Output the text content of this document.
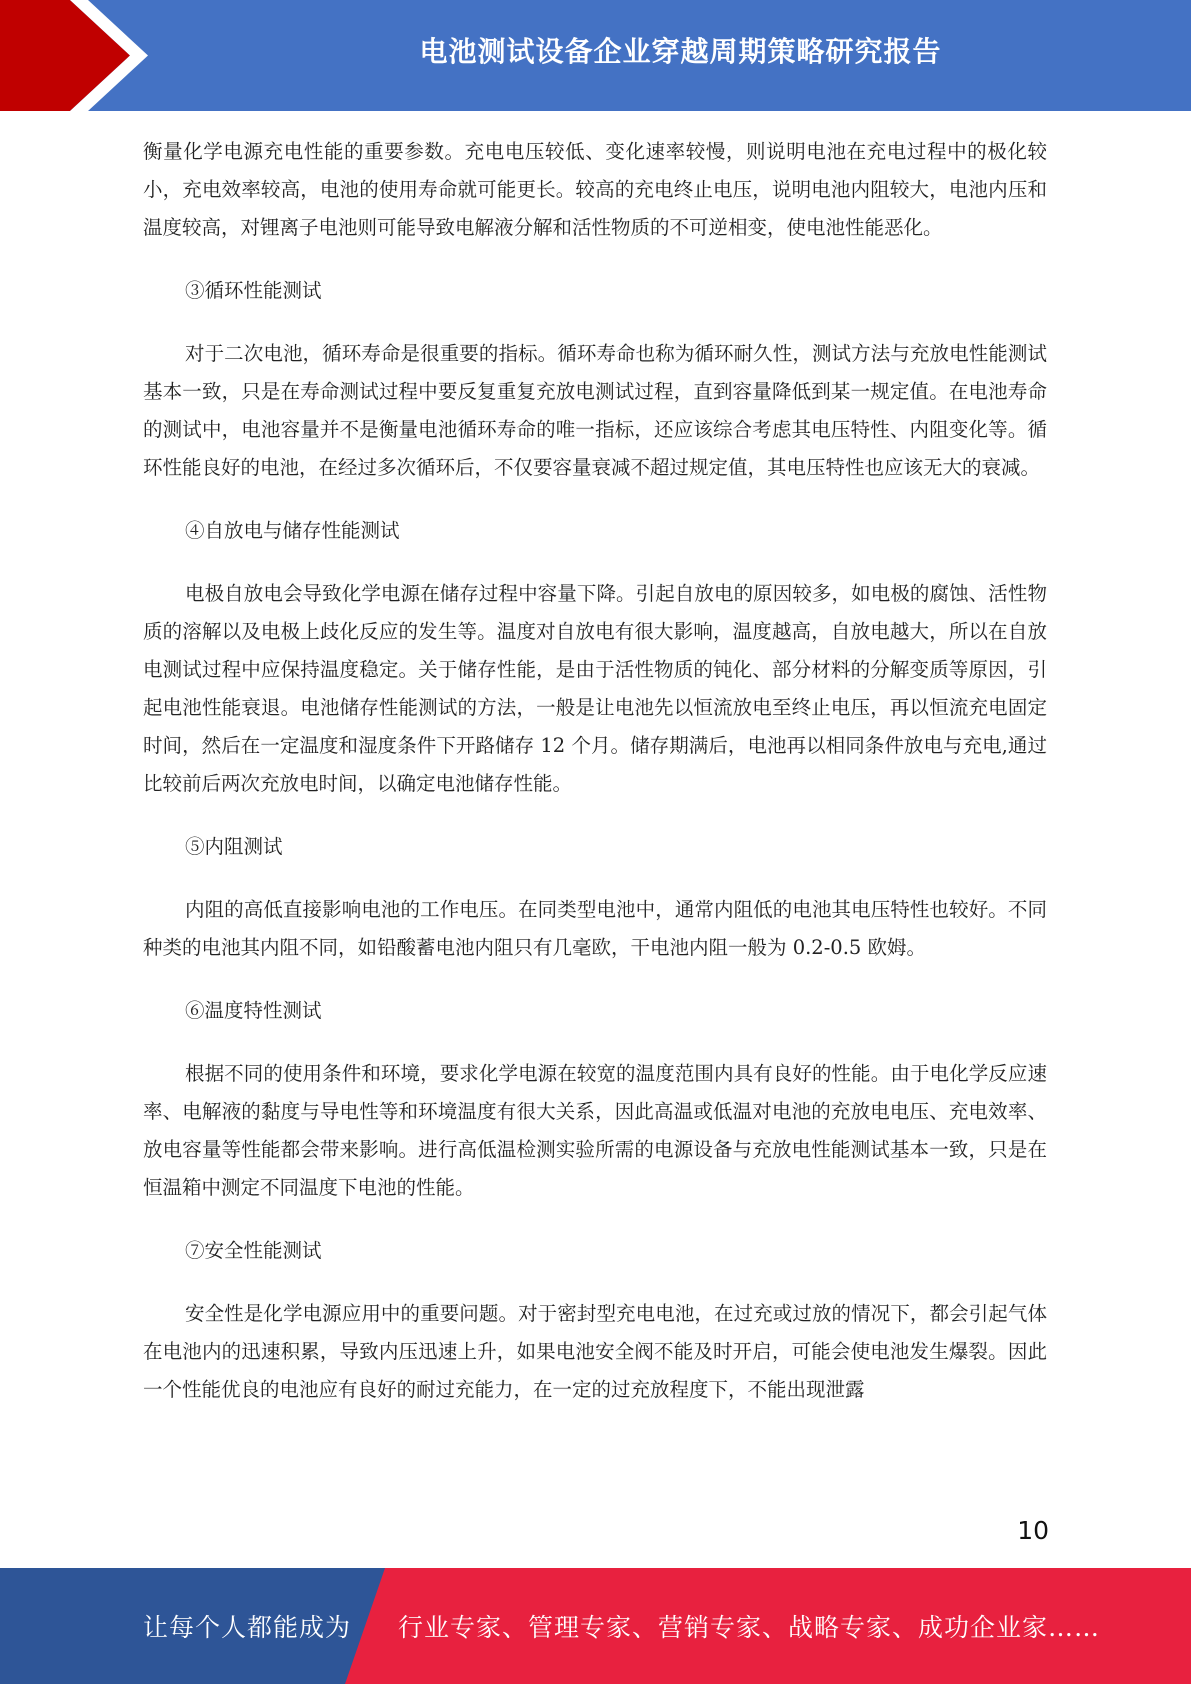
电池测试设备企业穿越周期策略研究报告

衡量化学电源充电性能的重要参数。充电电压较低、变化速率较慢，则说明电池在充电过程中的极化较小，充电效率较高，电池的使用寿命就可能更长。较高的充电终止电压，说明电池内阻较大，电池内压和温度较高，对锂离子电池则可能导致电解液分解和活性物质的不可逆相变，使电池性能恶化。

③循环性能测试

对于二次电池，循环寿命是很重要的指标。循环寿命也称为循环耐久性，测试方法与充放电性能测试基本一致，只是在寿命测试过程中要反复重复充放电测试过程，直到容量降低到某一规定值。在电池寿命的测试中，电池容量并不是衡量电池循环寿命的唯一指标，还应该综合考虑其电压特性、内阻变化等。循环性能良好的电池，在经过多次循环后，不仅要容量衰减不超过规定值，其电压特性也应该无大的衰减。

④自放电与储存性能测试

电极自放电会导致化学电源在储存过程中容量下降。引起自放电的原因较多，如电极的腐蚀、活性物质的溶解以及电极上歧化反应的发生等。温度对自放电有很大影响，温度越高，自放电越大，所以在自放电测试过程中应保持温度稳定。关于储存性能，是由于活性物质的钝化、部分材料的分解变质等原因，引起电池性能衰退。电池储存性能测试的方法，一般是让电池先以恒流放电至终止电压，再以恒流充电固定时间，然后在一定温度和湿度条件下开路储存 12 个月。储存期满后，电池再以相同条件放电与充电,通过比较前后两次充放电时间，以确定电池储存性能。

⑤内阻测试

内阻的高低直接影响电池的工作电压。在同类型电池中，通常内阻低的电池其电压特性也较好。不同种类的电池其内阻不同，如铅酸蓄电池内阻只有几毫欧，干电池内阻一般为 0.2-0.5 欧姆。

⑥温度特性测试

根据不同的使用条件和环境，要求化学电源在较宽的温度范围内具有良好的性能。由于电化学反应速率、电解液的黏度与导电性等和环境温度有很大关系，因此高温或低温对电池的充放电电压、充电效率、放电容量等性能都会带来影响。进行高低温检测实验所需的电源设备与充放电性能测试基本一致，只是在恒温箱中测定不同温度下电池的性能。

⑦安全性能测试

安全性是化学电源应用中的重要问题。对于密封型充电电池，在过充或过放的情况下，都会引起气体在电池内的迅速积累，导致内压迅速上升，如果电池安全阀不能及时开启，可能会使电池发生爆裂。因此一个性能优良的电池应有良好的耐过充能力，在一定的过充放程度下，不能出现泄露

10
让每个人都能成为 行业专家、管理专家、营销专家、战略专家、成功企业家……
